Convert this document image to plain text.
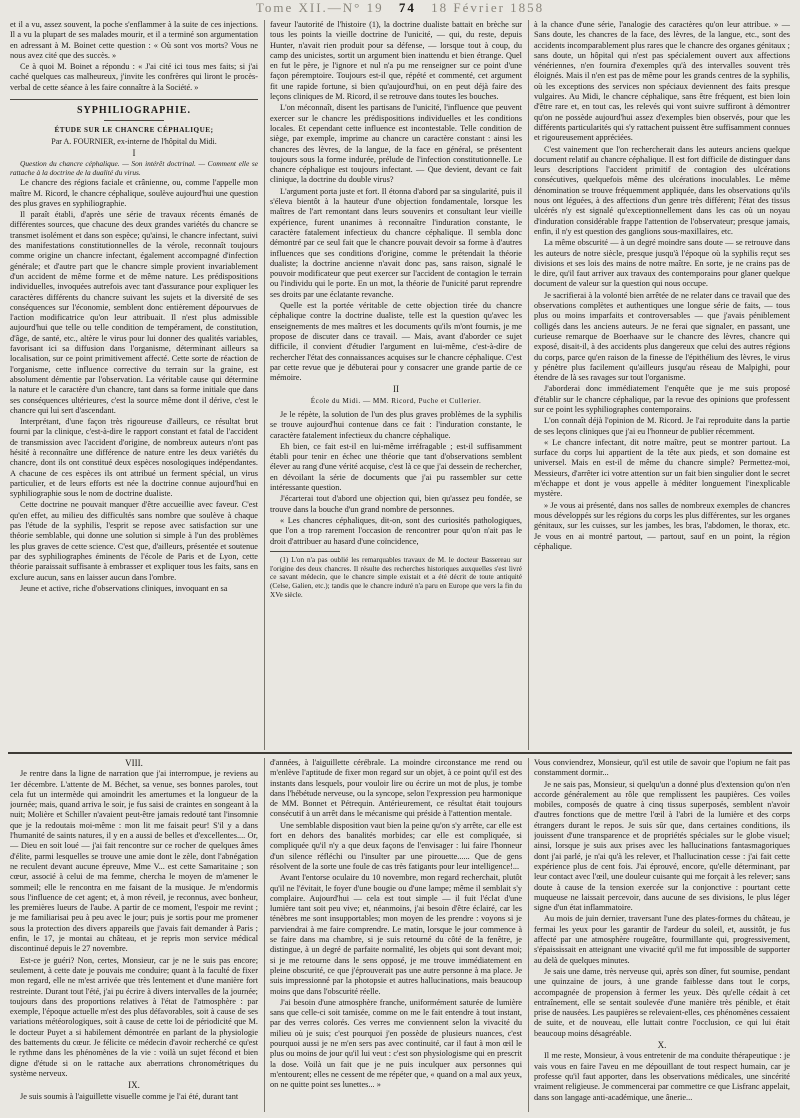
Tome XII.—N° 19 74 18 Février 1858

et il a vu, assez souvent, la poche s'enflammer à la suite de ces injections. Il a vu la plupart de ses malades mourir, et il a terminé son argumentation en adressant à M. Boinet cette question : « Où sont vos morts? Vous ne nous avez cité que des succès. »

Ce à quoi M. Boinet a répondu : « J'ai cité ici tous mes faits; si j'ai caché quelques cas malheureux, j'invite les confrères qui liront le procès-verbal de cette séance à les faire connaître à la Société. »

SYPHILIOGRAPHIE.

ÉTUDE SUR LE CHANCRE CÉPHALIQUE;

Par A. FOURNIER, ex-interne de l'hôpital du Midi.

I

Question du chancre céphalique. — Son intérêt doctrinal. — Comment elle se rattache à la doctrine de la dualité du virus.

Le chancre des régions faciale et crânienne, ou, comme l'appelle mon maître M. Ricord, le chancre céphalique, soulève aujourd'hui une question des plus graves en syphiliographie.

Il paraît établi, d'après une série de travaux récents émanés de différentes sources, que chacune des deux grandes variétés du chancre se transmet isolément et dans son espèce; qu'ainsi, le chancre infectant, suivi des manifestations constitutionnelles de la vérole, reconnaît toujours comme origine un chancre infectant, également accompagné d'infection générale; et d'autre part que le chancre simple provient invariablement d'un accident de même forme et de même nature. Les prédispositions individuelles, invoquées autrefois avec tant d'assurance pour expliquer les caractères différents du chancre suivant les sujets et la diversité de ses conséquences sur l'économie, semblent donc entièrement dépourvues de l'action modificatrice qu'on leur attribuait. Il n'est plus admissible aujourd'hui que telle ou telle condition de tempérament, de constitution, d'âge, de santé, etc., altère le virus pour lui donner des qualités variables, favorisant ici sa diffusion dans l'organisme, déterminant ailleurs sa localisation, sur ce point primitivement affecté. Cette sorte de réaction de l'organisme, cette influence corrective du terrain sur la graine, est absolument démentie par l'observation. La véritable cause qui détermine la nature et le caractère d'un chancre, tant dans sa forme initiale que dans ses conséquences ultérieures, c'est la source même dont il dérive, c'est le chancre qui lui sert d'ascendant.

Interprétant, d'une façon très rigoureuse d'ailleurs, ce résultat brut fourni par la clinique, c'est-à-dire le rapport constant et fatal de l'accident de transmission avec l'accident d'origine, de nombreux auteurs n'ont pas hésité à reconnaître une différence de nature entre les deux variétés du chancre, dont ils ont constitué deux espèces nosologiques indépendantes. A chacune de ces espèces ils ont attribué un ferment spécial, un virus particulier, et de leurs efforts est née la doctrine connue aujourd'hui en syphiliographie sous le nom de doctrine dualiste.

Cette doctrine ne pouvait manquer d'être accueillie avec faveur. C'est qu'en effet, au milieu des difficultés sans nombre que soulève à chaque pas l'étude de la syphilis, l'esprit se repose avec satisfaction sur une théorie semblable, qui donne une solution si simple à l'un des problèmes les plus graves de cette science. C'est que, d'ailleurs, présentée et soutenue par des syphiliographes éminents de l'école de Paris et de Lyon, cette théorie paraissait suffisante à embrasser et expliquer tous les faits, sans en exclure aucun, sans en laisser aucun dans l'ombre.

Jeune et active, riche d'observations cliniques, invoquant en sa

faveur l'autorité de l'histoire (1), la doctrine dualiste battait en brèche sur tous les points la vieille doctrine de l'unicité, — qui, du reste, depuis Hunter, n'avait rien produit pour sa défense, — lorsque tout à coup, du camp des unicistes, sortit un argument bien inattendu et bien étrange. Quel en fut le père, je l'ignore et nul n'a pu me renseigner sur ce point d'une façon péremptoire. Toujours est-il que, répété et commenté, cet argument fit une rapide fortune, si bien qu'aujourd'hui, on en peut déjà faire des leçons cliniques de M. Ricord, il se retrouve dans toutes les bouches.

L'on méconnaît, disent les partisans de l'unicité, l'influence que peuvent exercer sur le chancre les prédispositions individuelles et les conditions locales. Et cependant cette influence est incontestable. Telle condition de siège, par exemple, imprime au chancre un caractère constant : ainsi les chancres des lèvres, de la langue, de la face en général, se présentent toujours sous la forme indurée, prélude de l'infection constitutionnelle. Le chancre céphalique est toujours infectant. — Que devient, devant ce fait clinique, la doctrine du double virus?

L'argument porta juste et fort. Il étonna d'abord par sa singularité, puis il s'éleva bientôt à la hauteur d'une objection fondamentale, lorsque les maîtres de l'art remontant dans leurs souvenirs et consultant leur vieille expérience, furent unanimes à reconnaître l'induration constante, le caractère fatalement infectieux du chancre céphalique. Il sembla donc démontré par ce seul fait que le chancre pouvait devoir sa forme à d'autres influences que ses conditions d'origine, comme le prétendait la théorie dualiste; la doctrine ancienne n'avait donc pas, sans raison, signalé le pouvoir modificateur que peut exercer sur l'accident de contagion le terrain ou l'individu qui le porte. En un mot, la théorie de l'unicité parut reprendre ses droits par une éclatante revanche.

Quelle est la portée véritable de cette objection tirée du chancre céphalique contre la doctrine dualiste, telle est la question qu'avec les enseignements de mes maîtres et les documents qu'ils m'ont fournis, je me propose de discuter dans ce travail. — Mais, avant d'aborder ce sujet difficile, il convient d'étudier l'argument en lui-même, c'est-à-dire de rechercher l'état des connaissances acquises sur le chancre céphalique. C'est par cette revue que je débuterai pour y consacrer une grande partie de ce mémoire.

II

École du Midi. — MM. Ricord, Puche et Cullerier.

Je le répète, la solution de l'un des plus graves problèmes de la syphilis se trouve aujourd'hui contenue dans ce fait : l'induration constante, le caractère fatalement infectieux du chancre céphalique.

Eh bien, ce fait est-il en lui-même irréfragable ; est-il suffisamment établi pour tenir en échec une théorie que tant d'observations semblent élever au rang d'une vérité acquise, c'est là ce que j'ai dessein de rechercher, en dévoilant la série de documents que j'ai pu rassembler sur cette intéressante question.

J'écarterai tout d'abord une objection qui, bien qu'assez peu fondée, se trouve dans la bouche d'un grand nombre de personnes.

« Les chancres céphaliques, dit-on, sont des curiosités pathologiques, que l'on a trop rarement l'occasion de rencontrer pour qu'on n'ait pas le droit d'attribuer au hasard d'une coïncidence,

(1) L'on n'a pas oublié les remarquables travaux de M. le docteur Bassereau sur l'origine des deux chancres. Il résulte des recherches historiques auxquelles s'est livré ce savant médecin, que le chancre simple existait et a été décrit de toute antiquité (Celse, Galien, etc.); tandis que le chancre induré n'a paru en Europe que vers la fin du XVe siècle.

à la chance d'une série, l'analogie des caractères qu'on leur attribue. » — Sans doute, les chancres de la face, des lèvres, de la langue, etc., sont des accidents incomparablement plus rares que le chancre des organes génitaux ; sans doute, un hôpital qui n'est pas spécialement ouvert aux affections vénériennes, n'en fournira d'exemples qu'à des intervalles souvent très éloignés. Mais il n'en est pas de même pour les grands centres de la syphilis, où les exceptions des services non spéciaux deviennent des faits presque vulgaires. Au Midi, le chancre céphalique, sans être fréquent, est bien loin d'être rare et, en tout cas, les relevés qui vont suivre suffiront à démontrer qu'on ne possède aujourd'hui assez d'exemples bien observés, pour que les différents particularités qui s'y rattachent puissent être suffisamment connues et rigoureusement appréciées.

C'est vainement que l'on rechercherait dans les auteurs anciens quelque document relatif au chancre céphalique. Il est fort difficile de distinguer dans leurs descriptions l'accident primitif de contagion des ulcérations consécutives, quelquefois même des ulcérations inoculables. Le même dénomination se trouve fréquemment appliquée, dans les observations qu'ils nous ont léguées, à des affections d'un genre très différent; l'état des tissus ulcérés n'y est signalé qu'exceptionnellement dans les cas où un noyau d'induration considérable frappe l'attention de l'observateur; presque jamais, enfin, il n'y est question des ganglions sous-maxillaires, etc.

La même obscurité — à un degré moindre sans doute — se retrouve dans les auteurs de notre siècle, presque jusqu'à l'époque où la syphilis reçut ses divisions et ses lois des mains de notre maître. En sorte, je ne crains pas de le dire, qu'il faut arriver aux travaux des contemporains pour glaner quelque document de valeur sur la question qui nous occupe.

Je sacrifierai à la volonté bien arrêtée de ne relater dans ce travail que des observations complètes et authentiques une longue série de faits, — tous plus ou moins imparfaits et controversables — que j'avais péniblement colligés dans les anciens auteurs. Je ne ferai que signaler, en passant, une curieuse remarque de Boerhaave sur le chancre des lèvres, chancre qui exposé, disait-il, à des accidents plus dangereux que celui des autres régions du corps, parce qu'en raison de la finesse de l'épithélium des lèvres, le virus y pénètre plus facilement qu'ailleurs jusqu'au réseau de Malpighi, pour étendre de là ses ravages sur tout l'organisme.

J'aborderai donc immédiatement l'enquête que je me suis proposé d'établir sur le chancre céphalique, par la revue des opinions que professent sur ce point les syphiliographes contemporains.

L'on connaît déjà l'opinion de M. Ricord. Je l'ai reproduite dans la partie de ses leçons cliniques que j'ai eu l'honneur de publier récemment.

« Le chancre infectant, dit notre maître, peut se montrer partout. La surface du corps lui appartient de la tête aux pieds, et son domaine est universel. Mais en est-il de même du chancre simple? Permettez-moi, Messieurs, d'arrêter ici votre attention sur un fait bien singulier dont le secret m'échappe et dont je vous appelle à méditer longuement l'inexplicable mystère.

» Je vous ai présenté, dans nos salles de nombreux exemples de chancres mous développés sur les régions du corps les plus différentes, sur les organes génitaux, sur les cuisses, sur les jambes, les bras, l'abdomen, le thorax, etc. Je vous en ai montré partout, — partout, sauf en un point, la région céphalique.

VIII.

Je rentre dans la ligne de narration que j'ai interrompue, je reviens au 1er décembre. L'attente de M. Béchet, sa venue, ses bonnes paroles, tout cela fut un intermède qui amoindrit les amertumes et la longueur de la journée; mais, quand arriva le soir, je fus saisi de craintes en songeant à la nuit; Molière et Schiller n'avaient peut-être jamais redouté tant l'insomnie que je la redoutais moi-même : mon lit me faisait peur! S'il y a dans l'humanité de saints natures, il y en a aussi de belles et d'excellentes.... Or, — Dieu en soit loué — j'ai fait rencontre sur ce rocher de quelques âmes d'élite, parmi lesquelles se trouve une amie dont le zèle, dont l'abnégation ne reculent devant aucune épreuve, Mme V... est cette Samaritaine ; son cœur, associé à celui de ma femme, chercha le moyen de m'amener le sommeil; elle le rencontra en me faisant de la musique. Je m'endormis sous l'influence de cet agent; et, à mon réveil, je reconnus, avec bonheur, les premières lueurs de l'aube. A partir de ce moment, l'espoir me revint ; je me familiarisai peu à peu avec le jour; puis je sortis pour me promener sous la protection des divers appareils que j'avais fait demander à Paris ; enfin, le 17, je montai au château, et je repris mon service médical discontinué depuis le 27 novembre.

Est-ce je guéri? Non, certes, Monsieur, car je ne le suis pas encore; seulement, à cette date je pouvais me conduire; quant à la faculté de fixer mon regard, elle ne m'est arrivée que très lentement et d'une manière fort restreinte. Durant tout l'été, j'ai pu écrire à divers intervalles de la journée; toujours dans des proportions relatives à l'état de l'atmosphère : par exemple, l'époque actuelle m'est des plus défavorables, soit à cause de ses variations météorologiques, soit à cause de cette loi de périodicité que M. le docteur Puyet a si habilement démontrée en parlant de la physiologie des battements du cœur. Je félicite ce médecin d'avoir recherché ce qu'est le rythme dans les phénomènes de la vie : voilà un sujet fécond et bien digne d'étude si on le rattache aux aberrations chronométriques du système nerveux.

IX.

Je suis soumis à l'aiguillette visuelle comme je l'ai été, durant tant

d'années, à l'aiguillette cérébrale. La moindre circonstance me rend ou m'enlève l'aptitude de fixer mon regard sur un objet, à ce point qu'il est des instants dans lesquels, pour vouloir lire ou écrire un mot de plus, je tombe dans l'hébétude nerveuse, ou la syncope, selon l'expression peu harmonique de MM. Bonnet et Pétrequin. Antérieurement, ce résultat était toujours consécutif à un arrêt dans le mécanisme qui préside à l'attention mentale.

Une semblable disposition vaut bien la peine qu'on s'y arrête, car elle est fort en dehors des banalités morbides; car elle est compliquée, si compliquée qu'il n'y a que deux façons de l'envisager : lui faire l'honneur d'un silence réfléchi ou l'insulter par une pirouette...... Que de gens résolvent de la sorte une foule de cas très fatigants pour leur intelligence!...

Avant l'entorse oculaire du 10 novembre, mon regard recherchait, plutôt qu'il ne l'évitait, le foyer d'une bougie ou d'une lampe; même il semblait s'y complaire. Aujourd'hui — cela est tout simple — il fuit l'éclat d'une lumière tant soit peu vive; et, néanmoins, j'ai besoin d'être éclairé, car les ténèbres me sont insupportables; mon moyen de les prendre : voyons si je parviendrai à me faire comprendre. Le matin, lorsque le jour commence à se faire dans ma chambre, si je suis retourné du côté de la fenêtre, je distingue, à un degré de parfaite normalité, les objets qui sont devant moi; si je me retourne dans le sens opposé, je me trouve immédiatement en pleine obscurité, ce que j'éprouverait pas une autre personne à ma place. Je suis impressionné par la photopsie et autres hallucinations, mais beaucoup moins que dans l'obscurité réelle.

J'ai besoin d'une atmosphère franche, uniformément saturée de lumière sans que celle-ci soit tamisée, comme on me le fait entendre à tout instant, par des verres colorés. Ces verres me conviennent selon la vivacité du milieu où je suis; c'est pourquoi j'en possède de plusieurs nuances, c'est pourquoi aussi je ne m'en sers pas avec continuité, car il faut à mon œil le plus ou moins de jour qu'il lui veut : c'est son physiologisme qui en prescrit la dose. Voilà un fait que je ne puis inculquer aux personnes qui m'entourent; elles ne cessent de me répéter que, « quand on a mal aux yeux, on ne quitte point ses lunettes... »

Vous conviendrez, Monsieur, qu'il est utile de savoir que l'opium ne fait pas constamment dormir...

Je ne sais pas, Monsieur, si quelqu'un a donné plus d'extension qu'on n'en accorde généralement au rôle que remplissent les paupières. Ces voiles mobiles, composés de quatre à cinq tissus superposés, semblent n'avoir d'autres fonctions que de mettre l'œil à l'abri de la lumière et des corps étrangers durant le repos. Je suis sûr que, dans certaines conditions, ils jouissent d'une transparence et de propriétés spéciales sur le globe visuel; ainsi, lorsque je suis aux prises avec les hallucinations fantasmagoriques dont j'ai parlé, je n'ai qu'à les relever, et l'hallucination cesse : j'ai fait cette expérience plus de cent fois. J'ai éprouvé, encore, qu'elle déterminant, par leur contact avec l'œil, une douleur cuisante qui me forçait à les relever; sans doute à cause de la tension exercée sur la conjonctive : pourtant cette muqueuse ne laissait percevoir, dans aucune de ses divisions, le plus léger signe d'un état inflammatoire.

Au mois de juin dernier, traversant l'une des plates-formes du château, je fermai les yeux pour les garantir de l'ardeur du soleil, et, aussitôt, je fus affecté par une atmosphère rougeâtre, fourmillante qui, progressivement, s'épaississait en atteignant une vivacité qu'il me fut impossible de supporter au delà de quelques minutes.

Je sais une dame, très nerveuse qui, après son dîner, fut soumise, pendant une quinzaine de jours, à une grande faiblesse dans tout le corps, accompagnée de propension à fermer les yeux. Dès qu'elle cédait à cet entraînement, elle se sentait soulevée d'une manière très pénible, et était prise de nausées. Les paupières se relevaient-elles, ces phénomènes cessaient de suite, et de nouveau, elle luttait contre l'occlusion, ce qui lui était beaucoup moins désagréable.

X.

Il me reste, Monsieur, à vous entretenir de ma conduite thérapeutique : je vais vous en faire l'aveu en me dépouillant de tout respect humain, car je professe qu'il faut apporter, dans les observations médicales, une sincérité vraiment religieuse. Je commencerai par commettre ce que Lisfranc appelait, dans son langage anti-académique, une ânerie...
